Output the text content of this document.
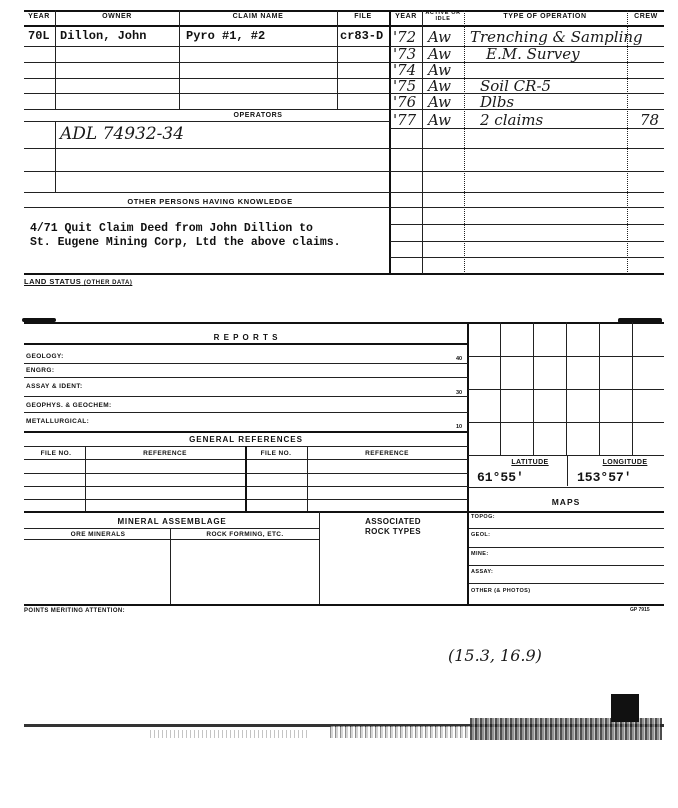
YEAR	OWNER	CLAIM NAME	FILE	YEAR	ACTIVE OR IDLE	TYPE OF OPERATION	CREW
70L Dillon, John	Pyro #1, #2	cr83-D
OPERATORS
ADL 74932-34
OTHER PERSONS HAVING KNOWLEDGE
4/71 Quit Claim Deed from John Dillion to
St. Eugene Mining Corp, Ltd the above claims.
'72 Aw Trenching & Sampling
'73 Aw E.M. Survey
'74 Aw
'75 Aw Soil CR-5
'76 Aw Dlbs
'77 Aw 2 claims	78
LAND STATUS (OTHER DATA)
R E P O R T S
GEOLOGY:	40
ENGRG:
ASSAY & IDENT:
30
GEOPHYS. & GEOCHEM:
METALLURGICAL:
10
GENERAL REFERENCES
FILE NO.	REFERENCE	FILE NO.	REFERENCE
LATITUDE	LONGITUDE
61°55'	153°57'
MAPS
TOPOG:
GEOL:
MINE:
ASSAY:
OTHER (& PHOTOS)
MINERAL ASSEMBLAGE	ASSOCIATED
ROCK TYPES
ORE MINERALS	ROCK FORMING, ETC.
POINTS MERITING ATTENTION:	GP 7915
(15.3, 16.9)
